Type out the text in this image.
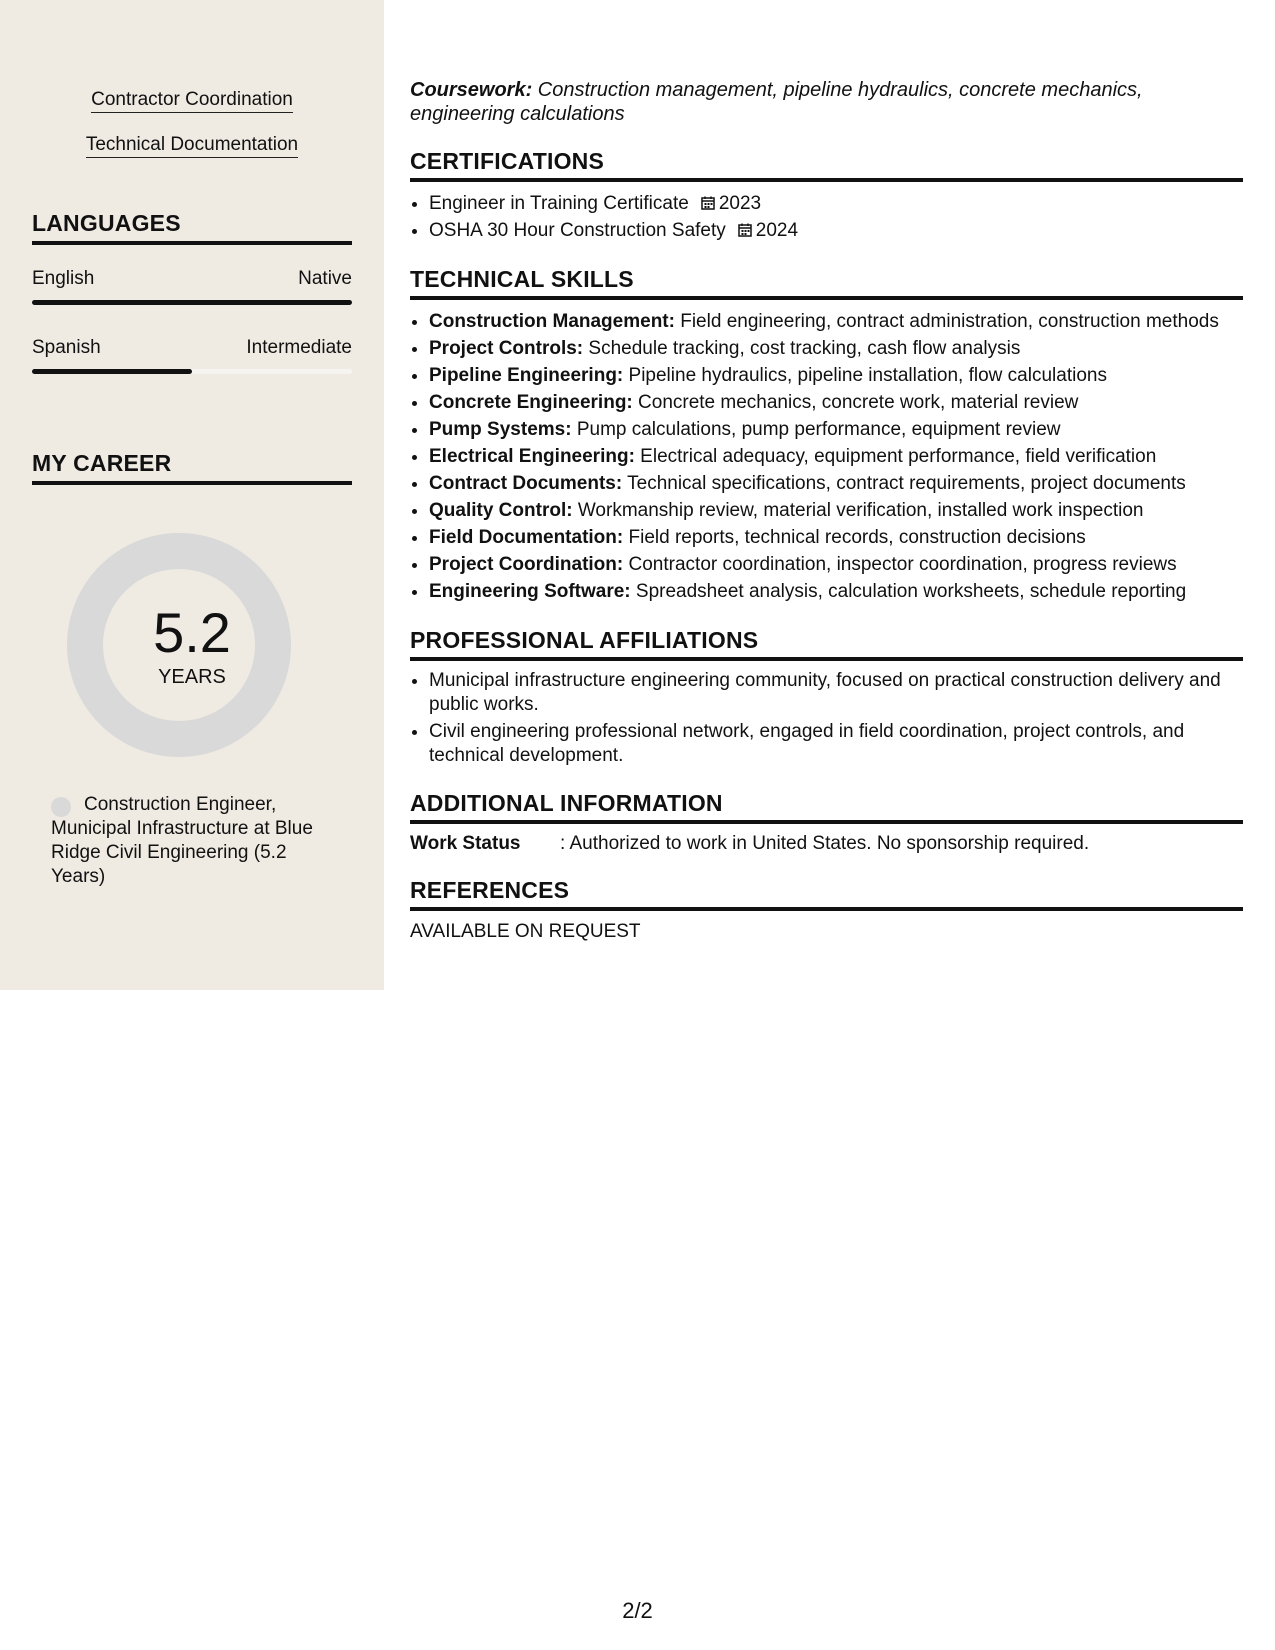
Contractor Coordination
Technical Documentation
LANGUAGES
English	Native
Spanish	Intermediate
MY CAREER
5.2
YEARS
Construction Engineer, Municipal Infrastructure at Blue Ridge Civil Engineering (5.2 Years)

Coursework: Construction management, pipeline hydraulics, concrete mechanics, engineering calculations

CERTIFICATIONS
• Engineer in Training Certificate 2023
• OSHA 30 Hour Construction Safety 2024
TECHNICAL SKILLS
• Construction Management: Field engineering, contract administration, construction methods
• Project Controls: Schedule tracking, cost tracking, cash flow analysis
• Pipeline Engineering: Pipeline hydraulics, pipeline installation, flow calculations
• Concrete Engineering: Concrete mechanics, concrete work, material review
• Pump Systems: Pump calculations, pump performance, equipment review
• Electrical Engineering: Electrical adequacy, equipment performance, field verification
• Contract Documents: Technical specifications, contract requirements, project documents
• Quality Control: Workmanship review, material verification, installed work inspection
• Field Documentation: Field reports, technical records, construction decisions
• Project Coordination: Contractor coordination, inspector coordination, progress reviews
• Engineering Software: Spreadsheet analysis, calculation worksheets, schedule reporting
PROFESSIONAL AFFILIATIONS
• Municipal infrastructure engineering community, focused on practical construction delivery and public works.
• Civil engineering professional network, engaged in field coordination, project controls, and technical development.
ADDITIONAL INFORMATION
Work Status	: Authorized to work in United States. No sponsorship required.
REFERENCES
AVAILABLE ON REQUEST
2/2
